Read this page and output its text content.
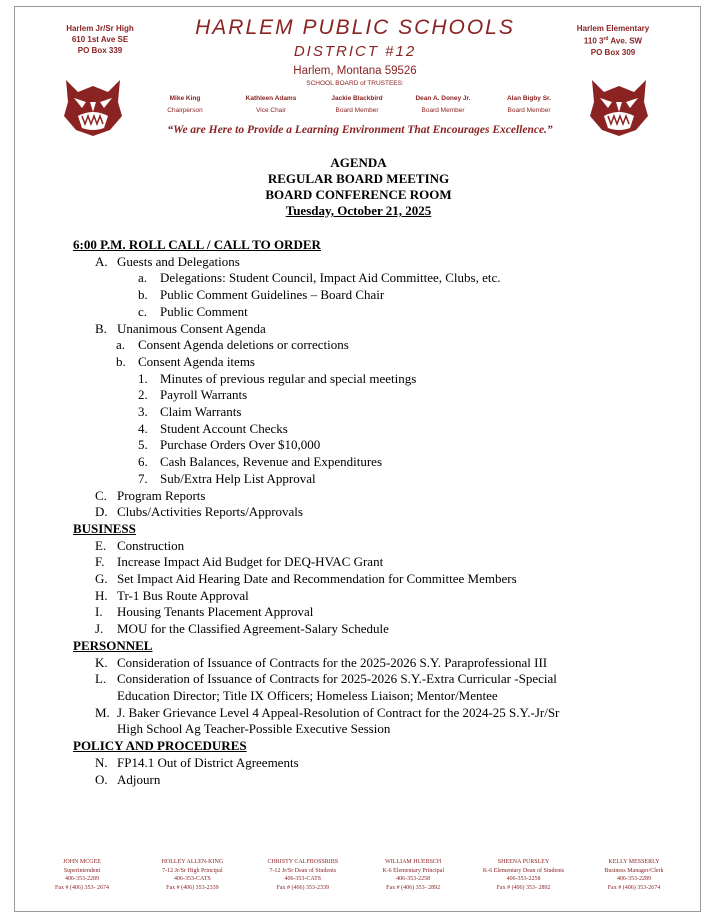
Harlem Jr/Sr High
610 1st Ave SE
PO Box 339
Harlem Elementary
110 3rd Ave. SW
PO Box 309
HARLEM PUBLIC SCHOOLS
DISTRICT #12
Harlem, Montana 59526
SCHOOL BOARD of TRUSTEES:
Mike King
Chairperson
Kathleen Adams
Vice Chair
Jackie Blackbird
Board Member
Dean A. Doney Jr.
Board Member
Alan Bigby Sr.
Board Member
“We are Here to Provide a Learning Environment That Encourages Excellence.”
AGENDA
REGULAR BOARD MEETING
BOARD CONFERENCE ROOM
Tuesday, October 21, 2025
6:00 P.M. ROLL CALL / CALL TO ORDER
A. Guests and Delegations
a. Delegations: Student Council, Impact Aid Committee, Clubs, etc.
b. Public Comment Guidelines – Board Chair
c. Public Comment
B. Unanimous Consent Agenda
a. Consent Agenda deletions or corrections
b. Consent Agenda items
1. Minutes of previous regular and special meetings
2. Payroll Warrants
3. Claim Warrants
4. Student Account Checks
5. Purchase Orders Over $10,000
6. Cash Balances, Revenue and Expenditures
7. Sub/Extra Help List Approval
C. Program Reports
D. Clubs/Activities Reports/Approvals
BUSINESS
E. Construction
F. Increase Impact Aid Budget for DEQ-HVAC Grant
G. Set Impact Aid Hearing Date and Recommendation for Committee Members
H. Tr-1 Bus Route Approval
I. Housing Tenants Placement Approval
J. MOU for the Classified Agreement-Salary Schedule
PERSONNEL
K. Consideration of Issuance of Contracts for the 2025-2026 S.Y. Paraprofessional III
L. Consideration of Issuance of Contracts for 2025-2026 S.Y.-Extra Curricular -Special
Education Director; Title IX Officers; Homeless Liaison; Mentor/Mentee
M. J. Baker Grievance Level 4 Appeal-Resolution of Contract for the 2024-25 S.Y.-Jr/Sr
High School Ag Teacher-Possible Executive Session
POLICY AND PROCEDURES
N. FP14.1 Out of District Agreements
O. Adjourn
JOHN MCGEE
Superintendent
406-353-2289
Fax # (406) 353- 2674
HOLLEY ALLEN-KING
7-12 Jr/Sr High Principal
406-353-CATS
Fax # (406) 353-2339
CHRISTY CALFBOSSRIBS
7-12 Jr/Sr Dean of Students
406-353-CATS
Fax # (406) 353-2339
WILLIAM HUEBSCH
K-6 Elementary Principal
406-353-2258
Fax # (406) 353- 2892
SHEENA PURSLEY
K-6 Elementary Dean of Students
406-353-2258
Fax # (406) 353- 2892
KELLY MESSERLY
Business Manager/Clerk
406-353-2289
Fax # (406) 353-2674
